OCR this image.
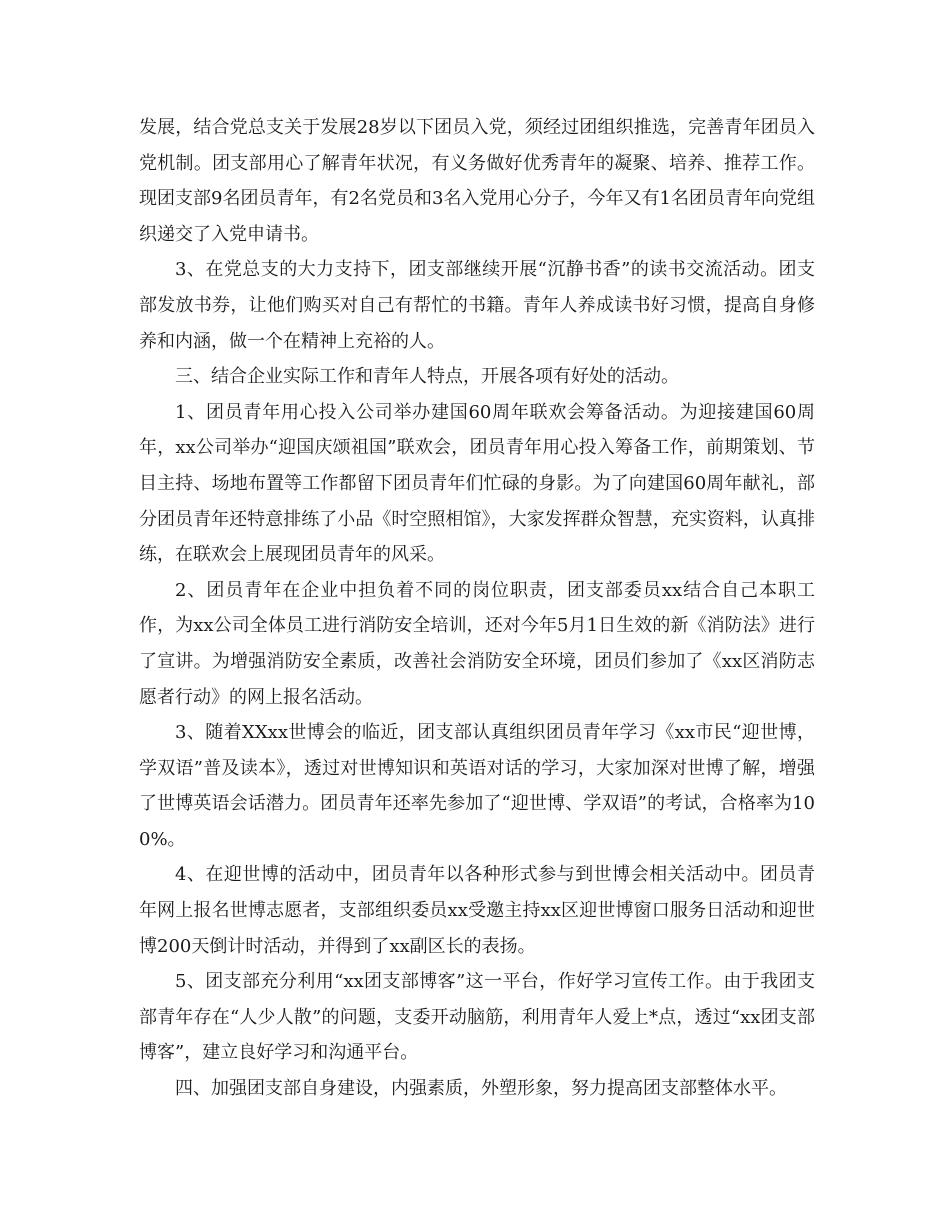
发展，结合党总支关于发展28岁以下团员入党，须经过团组织推选，完善青年团员入党机制。团支部用心了解青年状况，有义务做好优秀青年的凝聚、培养、推荐工作。现团支部9名团员青年，有2名党员和3名入党用心分子，今年又有1名团员青年向党组织递交了入党申请书。

3、在党总支的大力支持下，团支部继续开展“沉静书香”的读书交流活动。团支部发放书券，让他们购买对自己有帮忙的书籍。青年人养成读书好习惯，提高自身修养和内涵，做一个在精神上充裕的人。

三、结合企业实际工作和青年人特点，开展各项有好处的活动。

1、团员青年用心投入公司举办建国60周年联欢会筹备活动。为迎接建国60周年，xx公司举办“迎国庆颂祖国”联欢会，团员青年用心投入筹备工作，前期策划、节目主持、场地布置等工作都留下团员青年们忙碌的身影。为了向建国60周年献礼，部分团员青年还特意排练了小品《时空照相馆》，大家发挥群众智慧，充实资料，认真排练，在联欢会上展现团员青年的风采。

2、团员青年在企业中担负着不同的岗位职责，团支部委员xx结合自己本职工作，为xx公司全体员工进行消防安全培训，还对今年5月1日生效的新《消防法》进行了宣讲。为增强消防安全素质，改善社会消防安全环境，团员们参加了《xx区消防志愿者行动》的网上报名活动。

3、随着XXxx世博会的临近，团支部认真组织团员青年学习《xx市民“迎世博，学双语”普及读本》，透过对世博知识和英语对话的学习，大家加深对世博了解，增强了世博英语会话潜力。团员青年还率先参加了“迎世博、学双语”的考试，合格率为100%。

4、在迎世博的活动中，团员青年以各种形式参与到世博会相关活动中。团员青年网上报名世博志愿者，支部组织委员xx受邀主持xx区迎世博窗口服务日活动和迎世博200天倒计时活动，并得到了xx副区长的表扬。

5、团支部充分利用“xx团支部博客”这一平台，作好学习宣传工作。由于我团支部青年存在“人少人散”的问题，支委开动脑筋，利用青年人爱上*点，透过“xx团支部博客”，建立良好学习和沟通平台。

四、加强团支部自身建设，内强素质，外塑形象，努力提高团支部整体水平。
